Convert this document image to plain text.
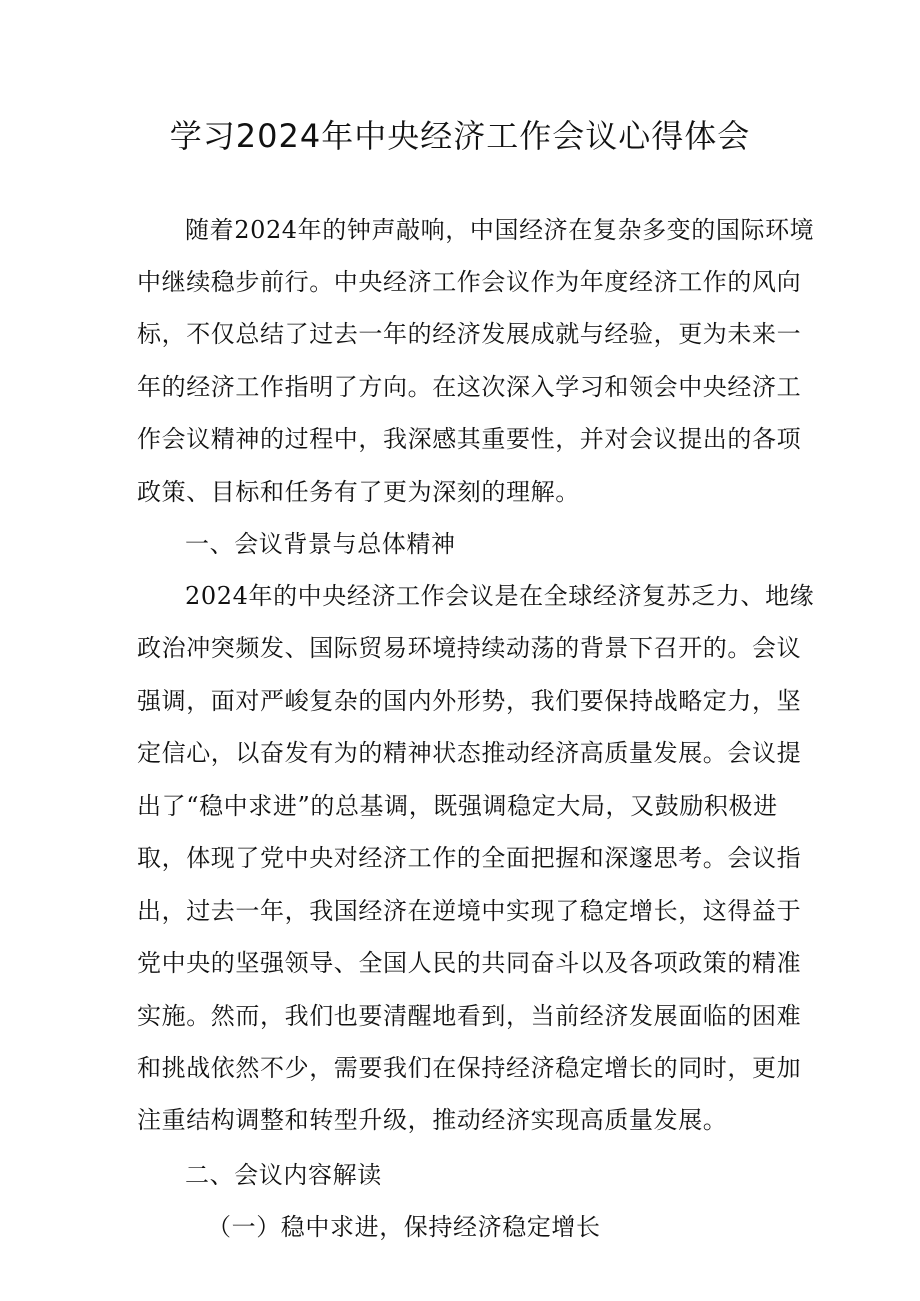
学习2024年中央经济工作会议心得体会

随着2024年的钟声敲响，中国经济在复杂多变的国际环境

中继续稳步前行。中央经济工作会议作为年度经济工作的风向

标，不仅总结了过去一年的经济发展成就与经验，更为未来一

年的经济工作指明了方向。在这次深入学习和领会中央经济工

作会议精神的过程中，我深感其重要性，并对会议提出的各项

政策、目标和任务有了更为深刻的理解。

一、会议背景与总体精神

2024年的中央经济工作会议是在全球经济复苏乏力、地缘

政治冲突频发、国际贸易环境持续动荡的背景下召开的。会议

强调，面对严峻复杂的国内外形势，我们要保持战略定力，坚

定信心，以奋发有为的精神状态推动经济高质量发展。会议提

出了“稳中求进”的总基调，既强调稳定大局，又鼓励积极进

取，体现了党中央对经济工作的全面把握和深邃思考。会议指

出，过去一年，我国经济在逆境中实现了稳定增长，这得益于

党中央的坚强领导、全国人民的共同奋斗以及各项政策的精准

实施。然而，我们也要清醒地看到，当前经济发展面临的困难

和挑战依然不少，需要我们在保持经济稳定增长的同时，更加

注重结构调整和转型升级，推动经济实现高质量发展。

二、会议内容解读

（一）稳中求进，保持经济稳定增长
